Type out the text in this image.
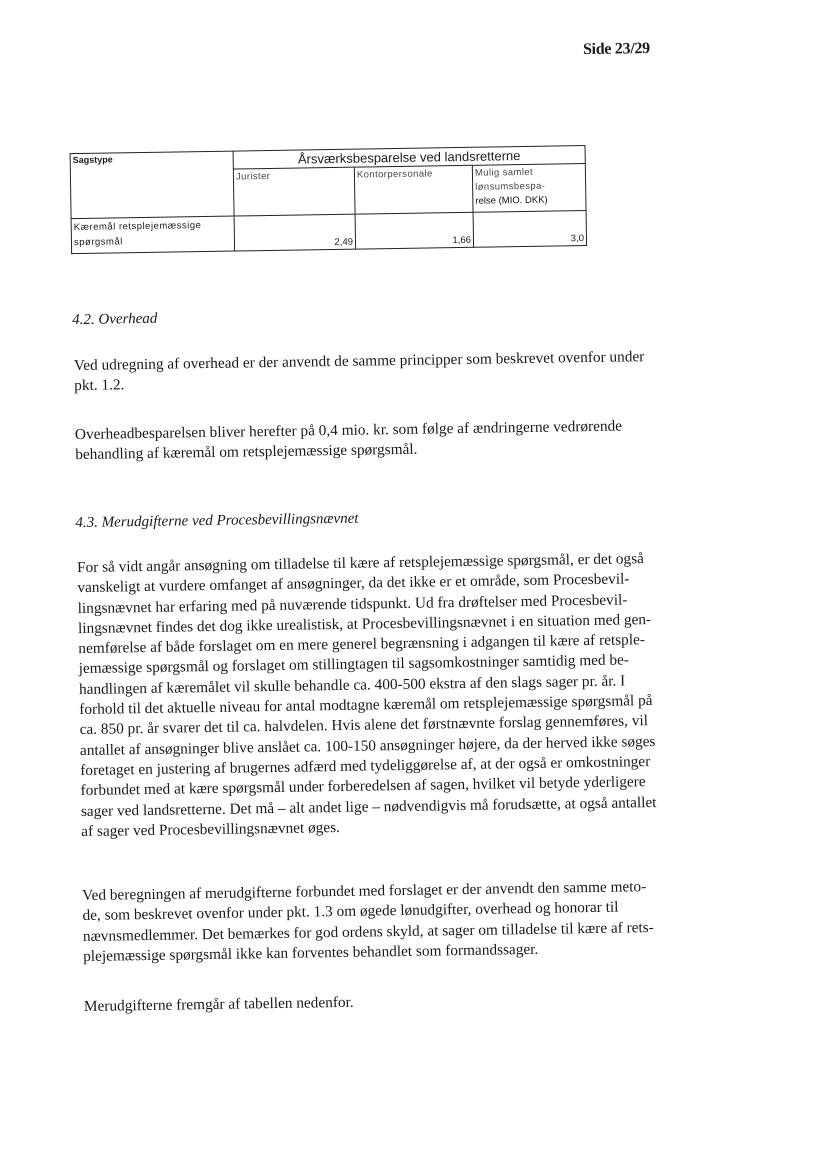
Side 23/29
Sagstype	Årsværksbesparelse ved landsretterne		
	Jurister	Kontorpersonale	Mulig samlet
lønsumsbespa-
relse (MIO. DKK)

Kæremål retsplejemæssige
spørgsmål	2,49	1,66	3,0
4.2. Overhead
Ved udregning af overhead er der anvendt de samme principper som beskrevet ovenfor under
pkt. 1.2.
Overheadbesparelsen bliver herefter på 0,4 mio. kr. som følge af ændringerne vedrørende
behandling af kæremål om retsplejemæssige spørgsmål.
4.3. Merudgifterne ved Procesbevillingsnævnet
For så vidt angår ansøgning om tilladelse til kære af retsplejemæssige spørgsmål, er det også
vanskeligt at vurdere omfanget af ansøgninger, da det ikke er et område, som Procesbevil-
lingsnævnet har erfaring med på nuværende tidspunkt. Ud fra drøftelser med Procesbevil-
lingsnævnet findes det dog ikke urealistisk, at Procesbevillingsnævnet i en situation med gen-
nemførelse af både forslaget om en mere generel begrænsning i adgangen til kære af retsple-
jemæssige spørgsmål og forslaget om stillingtagen til sagsomkostninger samtidig med be-
handlingen af kæremålet vil skulle behandle ca. 400-500 ekstra af den slags sager pr. år. I
forhold til det aktuelle niveau for antal modtagne kæremål om retsplejemæssige spørgsmål på
ca. 850 pr. år svarer det til ca. halvdelen. Hvis alene det førstnævnte forslag gennemføres, vil
antallet af ansøgninger blive anslået ca. 100-150 ansøgninger højere, da der herved ikke søges
foretaget en justering af brugernes adfærd med tydeliggørelse af, at der også er omkostninger
forbundet med at kære spørgsmål under forberedelsen af sagen, hvilket vil betyde yderligere
sager ved landsretterne. Det må – alt andet lige – nødvendigvis må forudsætte, at også antallet
af sager ved Procesbevillingsnævnet øges.
Ved beregningen af merudgifterne forbundet med forslaget er der anvendt den samme meto-
de, som beskrevet ovenfor under pkt. 1.3 om øgede lønudgifter, overhead og honorar til
nævnsmedlemmer. Det bemærkes for god ordens skyld, at sager om tilladelse til kære af rets-
plejemæssige spørgsmål ikke kan forventes behandlet som formandssager.
Merudgifterne fremgår af tabellen nedenfor.
